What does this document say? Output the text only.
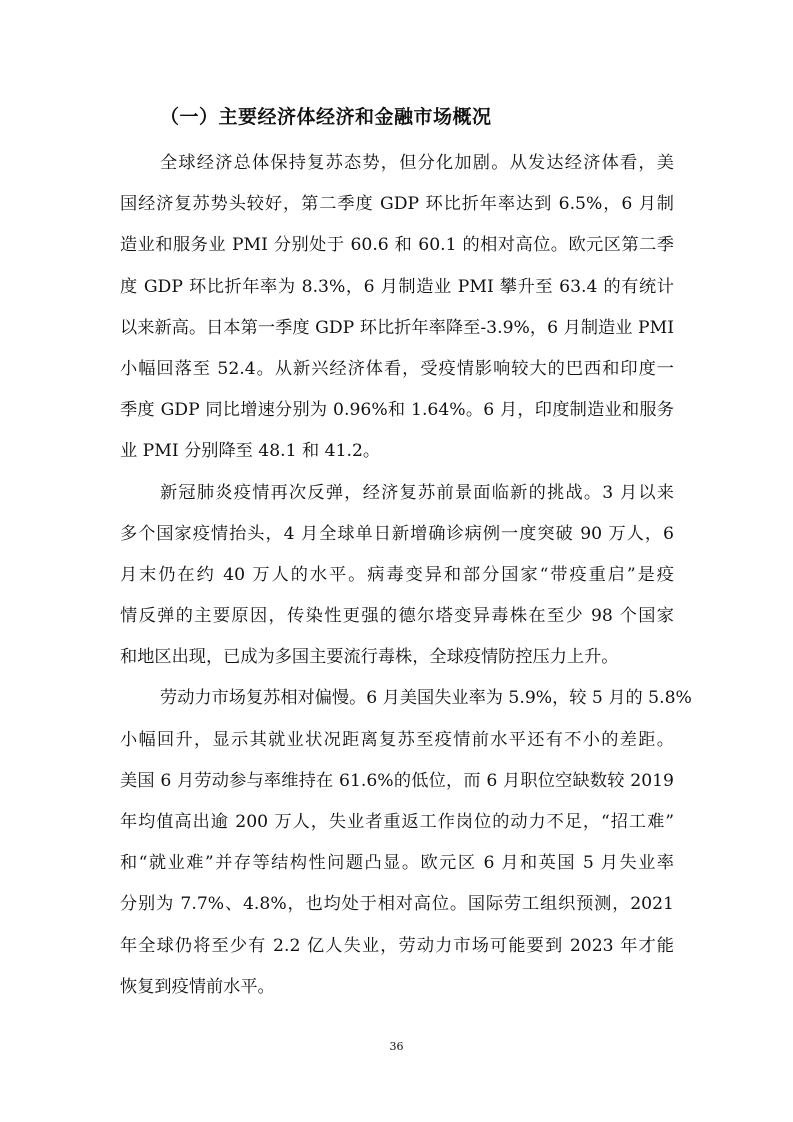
（一）主要经济体经济和金融市场概况

全球经济总体保持复苏态势，但分化加剧。从发达经济体看，美
国经济复苏势头较好，第二季度 GDP 环比折年率达到 6.5%，6 月制
造业和服务业 PMI 分别处于 60.6 和 60.1 的相对高位。欧元区第二季
度 GDP 环比折年率为 8.3%，6 月制造业 PMI 攀升至 63.4 的有统计
以来新高。日本第一季度 GDP 环比折年率降至-3.9%，6 月制造业 PMI
小幅回落至 52.4。从新兴经济体看，受疫情影响较大的巴西和印度一
季度 GDP 同比增速分别为 0.96%和 1.64%。6 月，印度制造业和服务
业 PMI 分别降至 48.1 和 41.2。

新冠肺炎疫情再次反弹，经济复苏前景面临新的挑战。3 月以来
多个国家疫情抬头，4 月全球单日新增确诊病例一度突破 90 万人，6
月末仍在约 40 万人的水平。病毒变异和部分国家“带疫重启”是疫
情反弹的主要原因，传染性更强的德尔塔变异毒株在至少 98 个国家
和地区出现，已成为多国主要流行毒株，全球疫情防控压力上升。

劳动力市场复苏相对偏慢。6 月美国失业率为 5.9%，较 5 月的 5.8%
小幅回升，显示其就业状况距离复苏至疫情前水平还有不小的差距。
美国 6 月劳动参与率维持在 61.6%的低位，而 6 月职位空缺数较 2019
年均值高出逾 200 万人，失业者重返工作岗位的动力不足，“招工难”
和“就业难”并存等结构性问题凸显。欧元区 6 月和英国 5 月失业率
分别为 7.7%、4.8%，也均处于相对高位。国际劳工组织预测，2021
年全球仍将至少有 2.2 亿人失业，劳动力市场可能要到 2023 年才能
恢复到疫情前水平。

36
